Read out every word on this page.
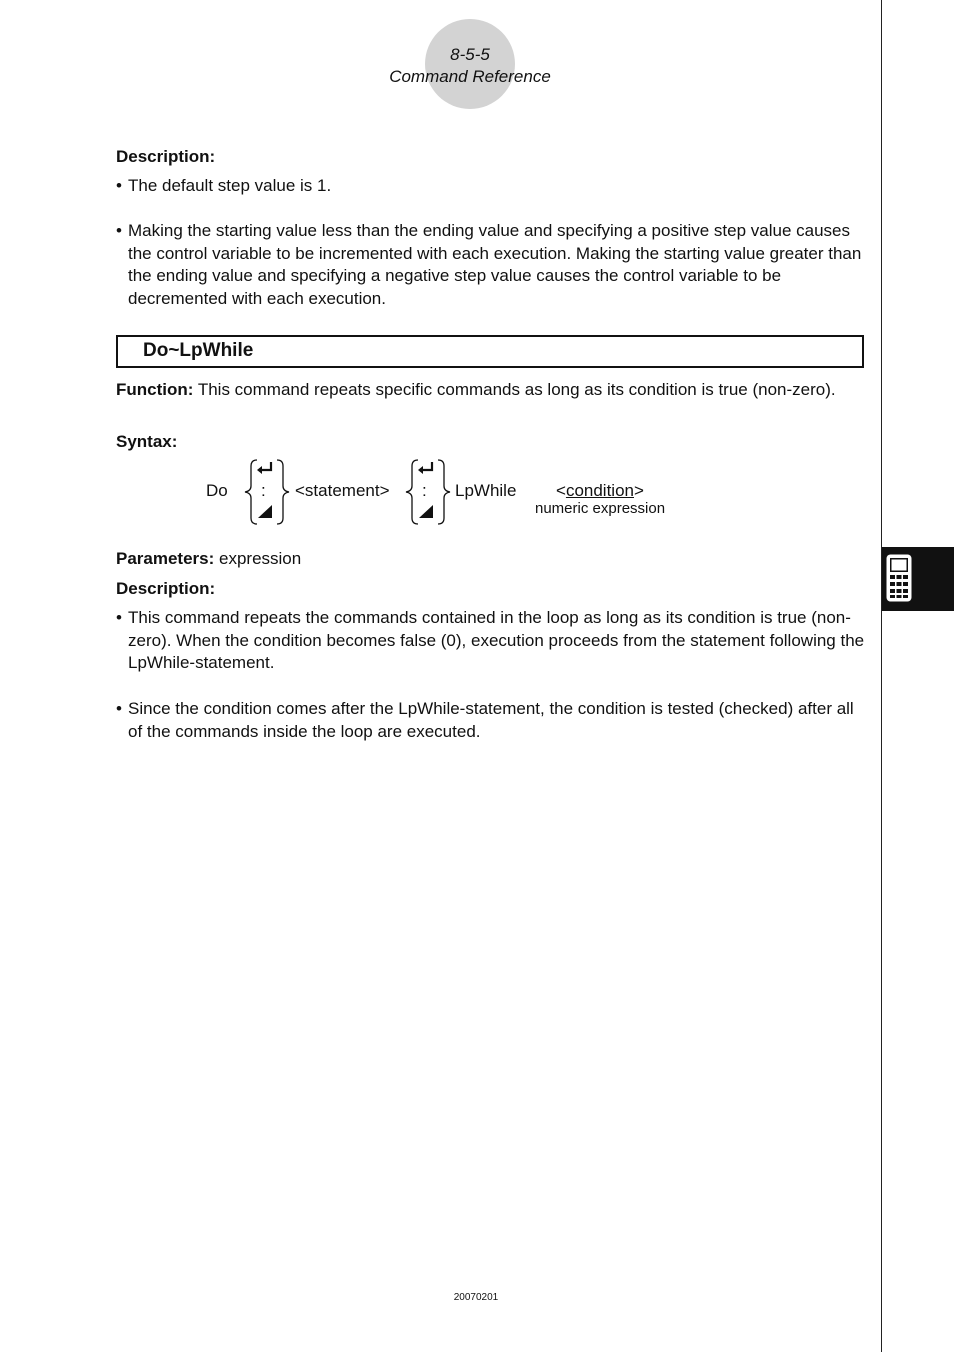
8-5-5
Command Reference
Description:
• The default step value is 1.
• Making the starting value less than the ending value and specifying a positive step value causes the control variable to be incremented with each execution. Making the starting value greater than the ending value and specifying a negative step value causes the control variable to be decremented with each execution.
Do~LpWhile
Function: This command repeats specific commands as long as its condition is true (non-zero).
Syntax:
Do : <statement> : LpWhile <condition>
numeric expression
Parameters: expression
Description:
• This command repeats the commands contained in the loop as long as its condition is true (non-zero). When the condition becomes false (0), execution proceeds from the statement following the LpWhile-statement.
• Since the condition comes after the LpWhile-statement, the condition is tested (checked) after all of the commands inside the loop are executed.
20070201
